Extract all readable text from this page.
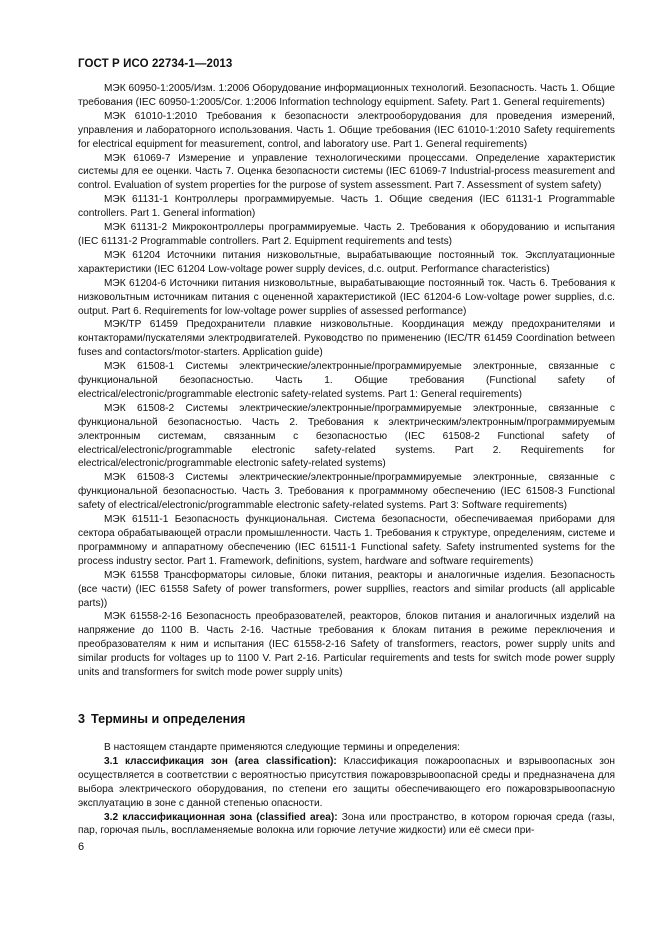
ГОСТ Р ИСО 22734-1—2013

МЭК 60950-1:2005/Изм. 1:2006 Оборудование информационных технологий. Безопасность. Часть 1. Общие требования (IEC 60950-1:2005/Cor. 1:2006 Information technology equipment. Safety. Part 1. General requirements)

МЭК 61010-1:2010 Требования к безопасности электрооборудования для проведения измерений, управления и лабораторного использования. Часть 1. Общие требования (IEC 61010-1:2010 Safety requirements for electrical equipment for measurement, control, and laboratory use. Part 1. General requirements)

МЭК 61069-7 Измерение и управление технологическими процессами. Определение характеристик системы для ее оценки. Часть 7. Оценка безопасности системы (IEC 61069-7 Industrial-process measurement and control. Evaluation of system properties for the purpose of system assessment. Part 7. Assessment of system safety)

МЭК 61131-1 Контроллеры программируемые. Часть 1. Общие сведения (IEC 61131-1 Programmable controllers. Part 1. General information)

МЭК 61131-2 Микроконтроллеры программируемые. Часть 2. Требования к оборудованию и испытания (IEC 61131-2 Programmable controllers. Part 2. Equipment requirements and tests)

МЭК 61204 Источники питания низковольтные, вырабатывающие постоянный ток. Эксплуатационные характеристики (IEC 61204 Low-voltage power supply devices, d.c. output. Performance characteristics)

МЭК 61204-6 Источники питания низковольтные, вырабатывающие постоянный ток. Часть 6. Требования к низковольтным источникам питания с оцененной характеристикой (IEC 61204-6 Low-voltage power supplies, d.c. output. Part 6. Requirements for low-voltage power supplies of assessed performance)

МЭК/TP 61459 Предохранители плавкие низковольтные. Координация между предохранителями и контакторами/пускателями электродвигателей. Руководство по применению (IEC/TR 61459 Coordination between fuses and contactors/motor-starters. Application guide)

МЭК 61508-1 Системы электрические/электронные/программируемые электронные, связанные с функциональной безопасностью. Часть 1. Общие требования (Functional safety of electrical/electronic/programmable electronic safety-related systems. Part 1: General requirements)

МЭК 61508-2 Системы электрические/электронные/программируемые электронные, связанные с функциональной безопасностью. Часть 2. Требования к электрическим/электронным/программируемым электронным системам, связанным с безопасностью (IEC 61508-2 Functional safety of electrical/electronic/programmable electronic safety-related systems. Part 2. Requirements for electrical/electronic/programmable electronic safety-related systems)

МЭК 61508-3 Системы электрические/электронные/программируемые электронные, связанные с функциональной безопасностью. Часть 3. Требования к программному обеспечению (IEC 61508-3 Functional safety of electrical/electronic/programmable electronic safety-related systems. Part 3: Software requirements)

МЭК 61511-1 Безопасность функциональная. Система безопасности, обеспечиваемая приборами для сектора обрабатывающей отрасли промышленности. Часть 1. Требования к структуре, определениям, системе и программному и аппаратному обеспечению (IEC 61511-1 Functional safety. Safety instrumented systems for the process industry sector. Part 1. Framework, definitions, system, hardware and software requirements)

МЭК 61558 Трансформаторы силовые, блоки питания, реакторы и аналогичные изделия. Безопасность (все части) (IEC 61558 Safety of power transformers, power suppllies, reactors and similar products (all applicable parts))

МЭК 61558-2-16 Безопасность преобразователей, реакторов, блоков питания и аналогичных изделий на напряжение до 1100 В. Часть 2-16. Частные требования к блокам питания в режиме переключения и преобразователям к ним и испытания (IEC 61558-2-16 Safety of transformers, reactors, power supply units and similar products for voltages up to 1100 V. Part 2-16. Particular requirements and tests for switch mode power supply units and transformers for switch mode power supply units)

3 Термины и определения

В настоящем стандарте применяются следующие термины и определения:

3.1 классификация зон (area classification): Классификация пожароопасных и взрывоопасных зон осуществляется в соответствии с вероятностью присутствия пожаровзрывоопасной среды и предназначена для выбора электрического оборудования, по степени его защиты обеспечивающего его пожаровзрывоопасную эксплуатацию в зоне с данной степенью опасности.

3.2 классификационная зона (classified area): Зона или пространство, в котором горючая среда (газы, пар, горючая пыль, воспламеняемые волокна или горючие летучие жидкости) или её смеси при-

6
